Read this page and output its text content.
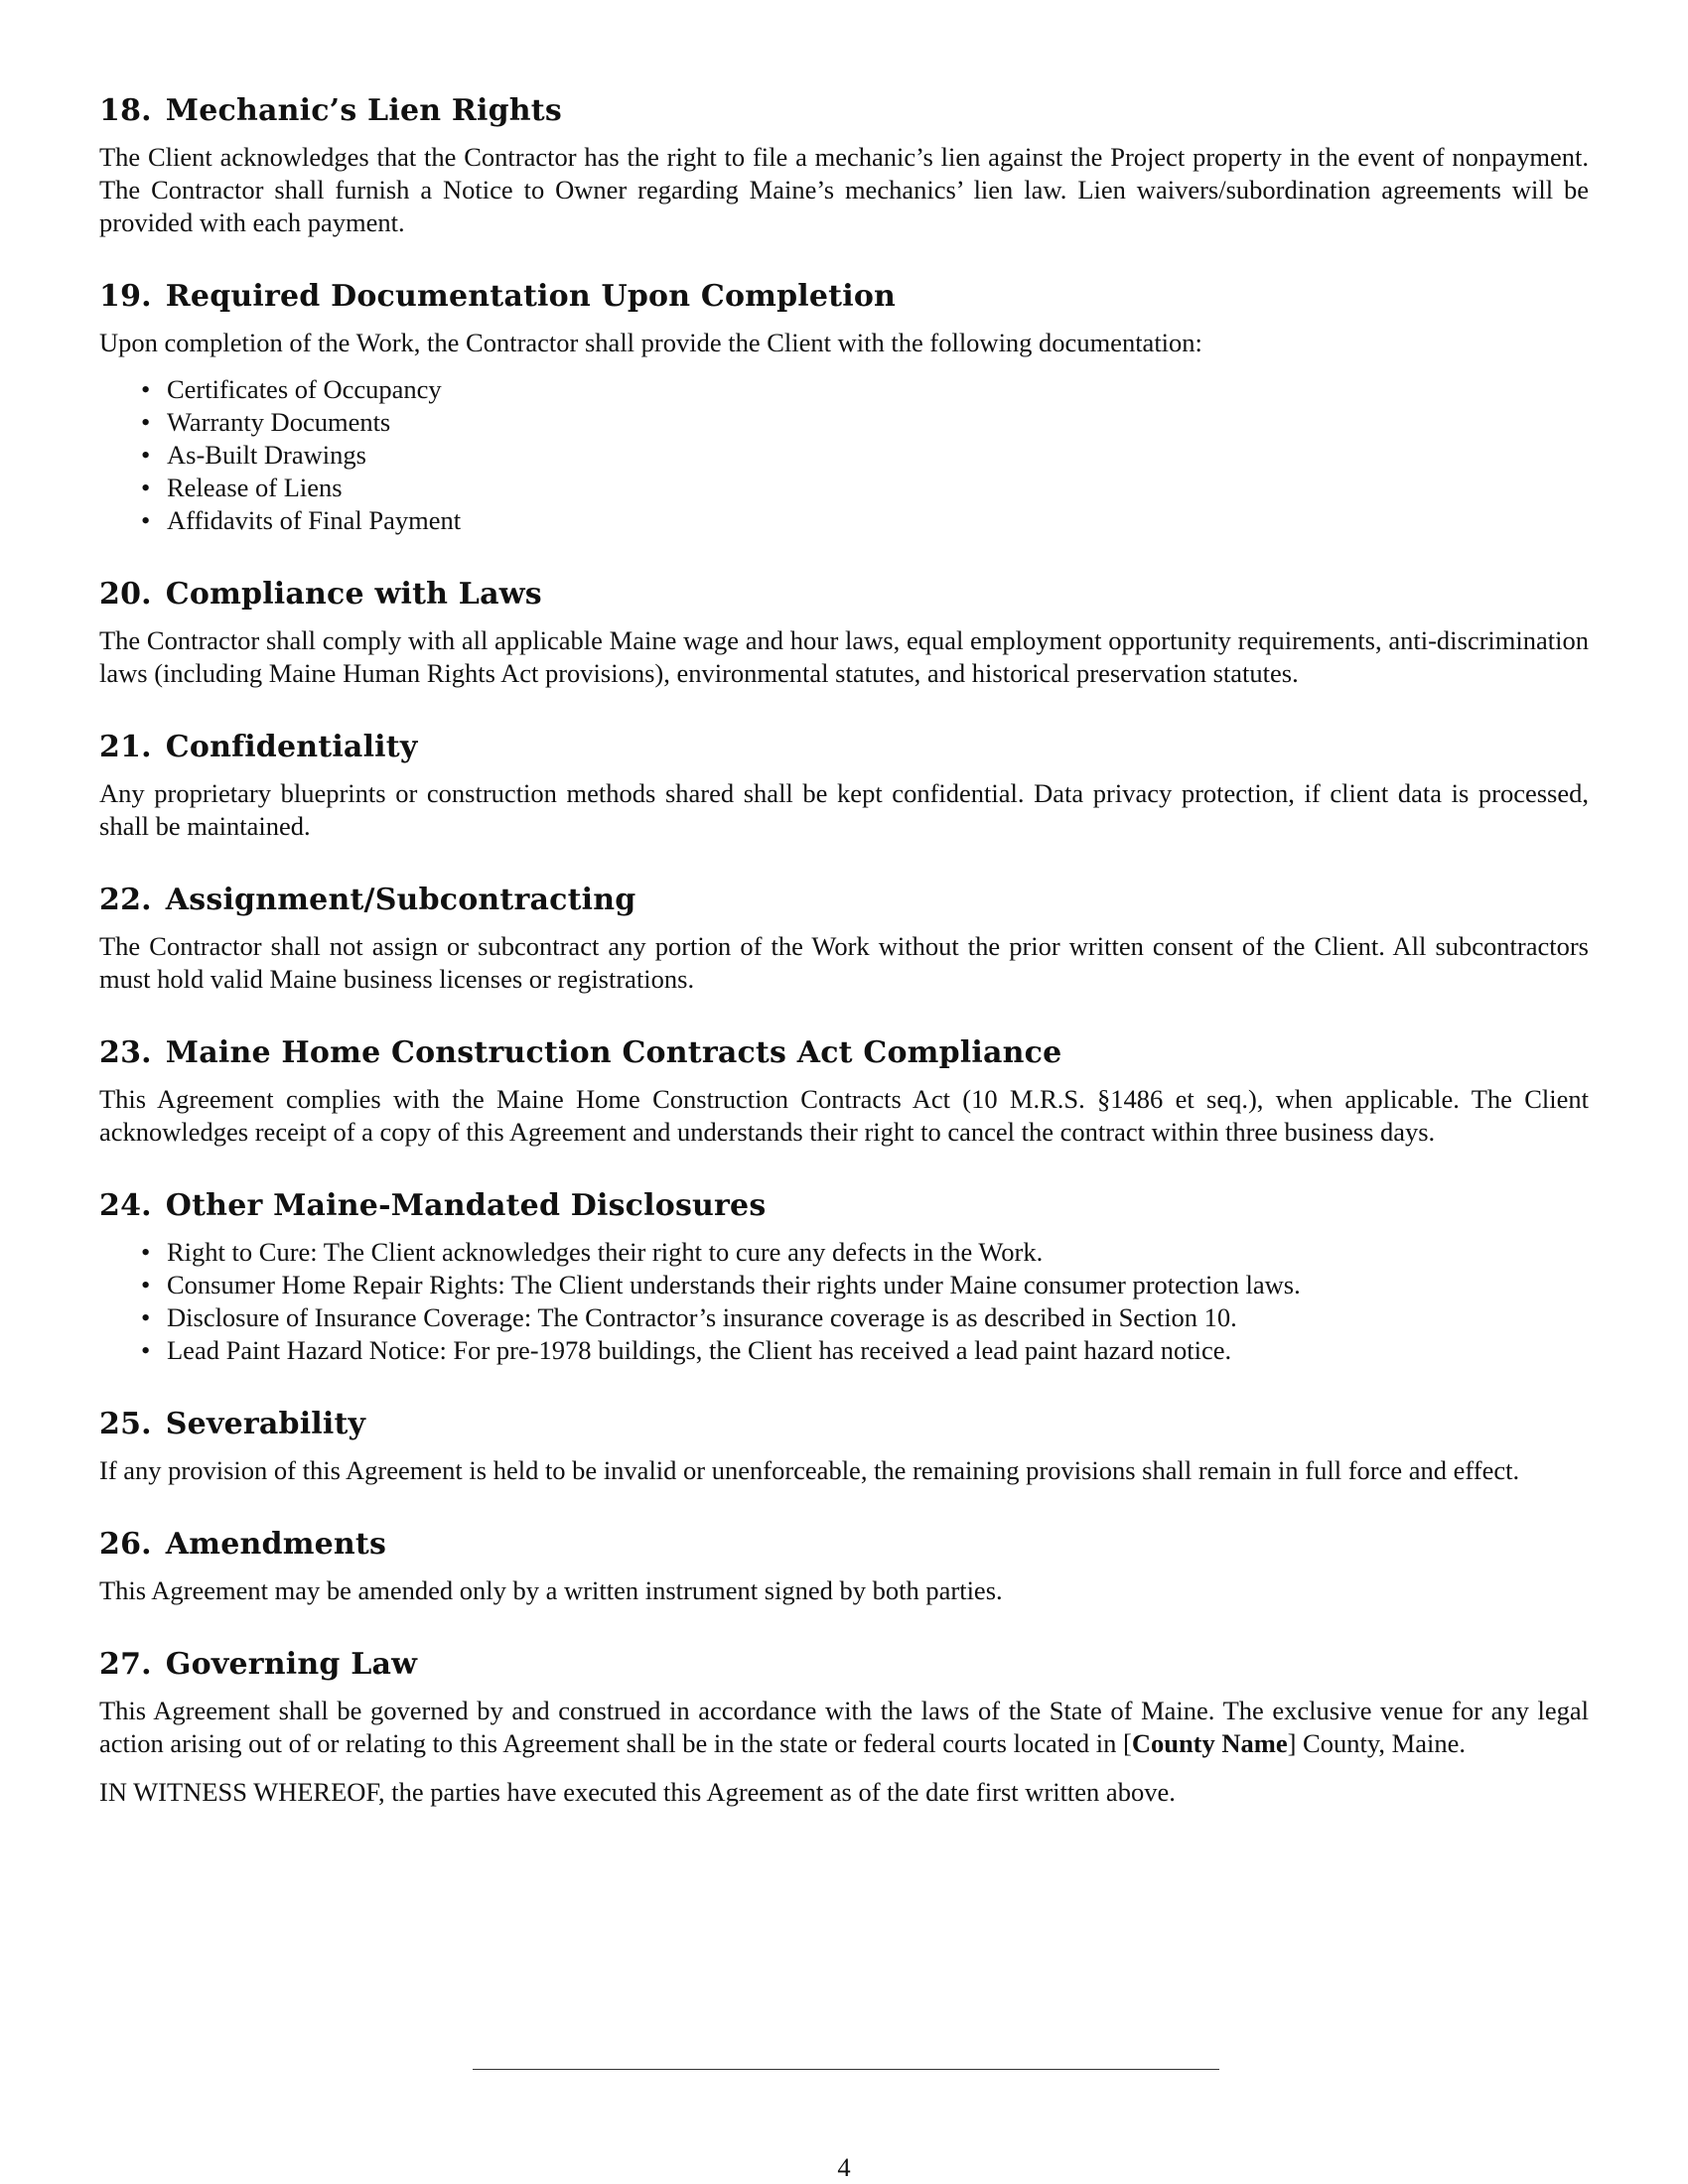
18. Mechanic’s Lien Rights

The Client acknowledges that the Contractor has the right to file a mechanic’s lien against the Project property in the event of nonpayment. The Contractor shall furnish a Notice to Owner regarding Maine’s mechanics’ lien law. Lien waivers/subordination agreements will be provided with each payment.

19. Required Documentation Upon Completion

Upon completion of the Work, the Contractor shall provide the Client with the following documentation:

• Certificates of Occupancy
• Warranty Documents
• As-Built Drawings
• Release of Liens
• Affidavits of Final Payment
20. Compliance with Laws

The Contractor shall comply with all applicable Maine wage and hour laws, equal employment opportunity requirements, anti-discrimination laws (including Maine Human Rights Act provisions), environmental statutes, and historical preservation statutes.

21. Confidentiality

Any proprietary blueprints or construction methods shared shall be kept confidential. Data privacy protection, if client data is processed, shall be maintained.

22. Assignment/Subcontracting

The Contractor shall not assign or subcontract any portion of the Work without the prior written consent of the Client. All subcontractors must hold valid Maine business licenses or registrations.

23. Maine Home Construction Contracts Act Compliance

This Agreement complies with the Maine Home Construction Contracts Act (10 M.R.S. §1486 et seq.), when applicable. The Client acknowledges receipt of a copy of this Agreement and understands their right to cancel the contract within three business days.

24. Other Maine-Mandated Disclosures
• Right to Cure: The Client acknowledges their right to cure any defects in the Work.
• Consumer Home Repair Rights: The Client understands their rights under Maine consumer protection laws.
• Disclosure of Insurance Coverage: The Contractor’s insurance coverage is as described in Section 10.
• Lead Paint Hazard Notice: For pre-1978 buildings, the Client has received a lead paint hazard notice.
25. Severability

If any provision of this Agreement is held to be invalid or unenforceable, the remaining provisions shall remain in full force and effect.

26. Amendments

This Agreement may be amended only by a written instrument signed by both parties.

27. Governing Law

This Agreement shall be governed by and construed in accordance with the laws of the State of Maine. The exclusive venue for any legal action arising out of or relating to this Agreement shall be in the state or federal courts located in [County Name] County, Maine.

IN WITNESS WHEREOF, the parties have executed this Agreement as of the date first written above.

4
